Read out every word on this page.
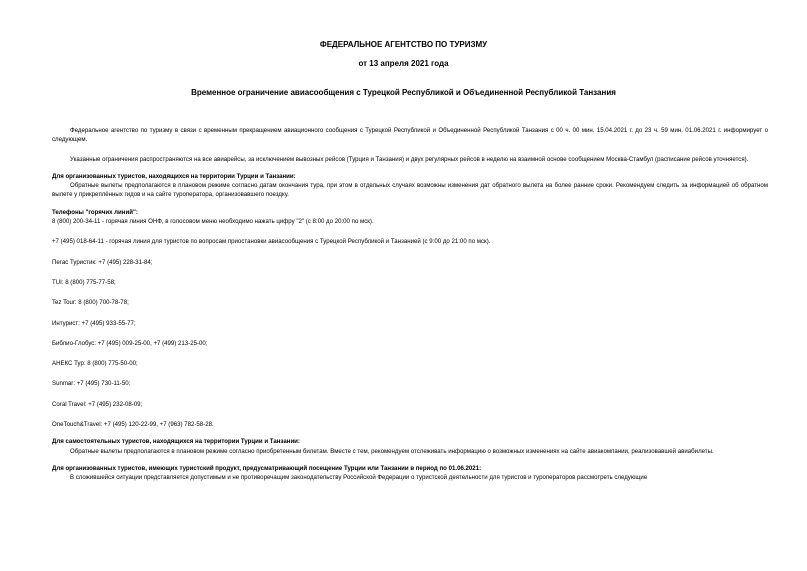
ФЕДЕРАЛЬНОЕ АГЕНТСТВО ПО ТУРИЗМУ
от 13 апреля 2021 года
Временное ограничение авиасообщения с Турецкой Республикой и Объединенной Республикой Танзания

Федеральное агентство по туризму в связи с временным прекращением авиационного сообщения с Турецкой Республикой и Объединенной Республикой Танзания с 00 ч. 00 мин. 15.04.2021 г. до 23 ч. 59 мин. 01.06.2021 г. информирует о следующем.

Указанные ограничения распространяются на все авиарейсы, за исключением вывозных рейсов (Турция и Танзания) и двух регулярных рейсов в неделю на взаимной основе сообщением Москва-Стамбул (расписание рейсов уточняется).

Для организованных туристов, находящихся на территории Турции и Танзании:

Обратные вылеты предполагаются в плановом режиме согласно датам окончания тура, при этом в отдельных случаях возможны изменения дат обратного вылета на более ранние сроки. Рекомендуем следить за информацией об обратном вылете у прикреплённых гидов и на сайте туроператора, организовавшего поездку.

Телефоны "горячих линий":

8 (800) 200-34-11 - горячая линия ОНФ, в голосовом меню необходимо нажать цифру "2" (с 8:00 до 20:00 по мск).

+7 (495) 018-64-11 - горячая линия для туристов по вопросам приостановки авиасообщения с Турецкой Республикой и Танзанией (с 9:00 до 21:00 по мск).

Пегас Туристик: +7 (495) 228-31-84;

TUI: 8 (800) 775-77-58;

Tez Tour: 8 (800) 700-78-78;

Интурист: +7 (495) 933-55-77;

Библио-Глобус: +7 (495) 009-25-00, +7 (499) 213-25-00;

АНЕКС Тур: 8 (800) 775-50-00;

Sunmar: +7 (495) 730-11-50;

Coral Travel: +7 (495) 232-08-09;

OneTouch&Travel: +7 (495) 120-22-99, +7 (963) 782-58-28.

Для самостоятельных туристов, находящихся на территории Турции и Танзании:

Обратные вылеты предполагаются в плановом режиме согласно приобретенным билетам. Вместе с тем, рекомендуем отслеживать информацию о возможных изменениях на сайте авиакомпании, реализовавшей авиабилеты.

Для организованных туристов, имеющих туристский продукт, предусматривающий посещение Турции или Танзании в период по 01.06.2021:

В сложившейся ситуации представляется допустимым и не противоречащим законодательству Российской Федерации о туристской деятельности для туристов и туроператоров рассмотреть следующие
